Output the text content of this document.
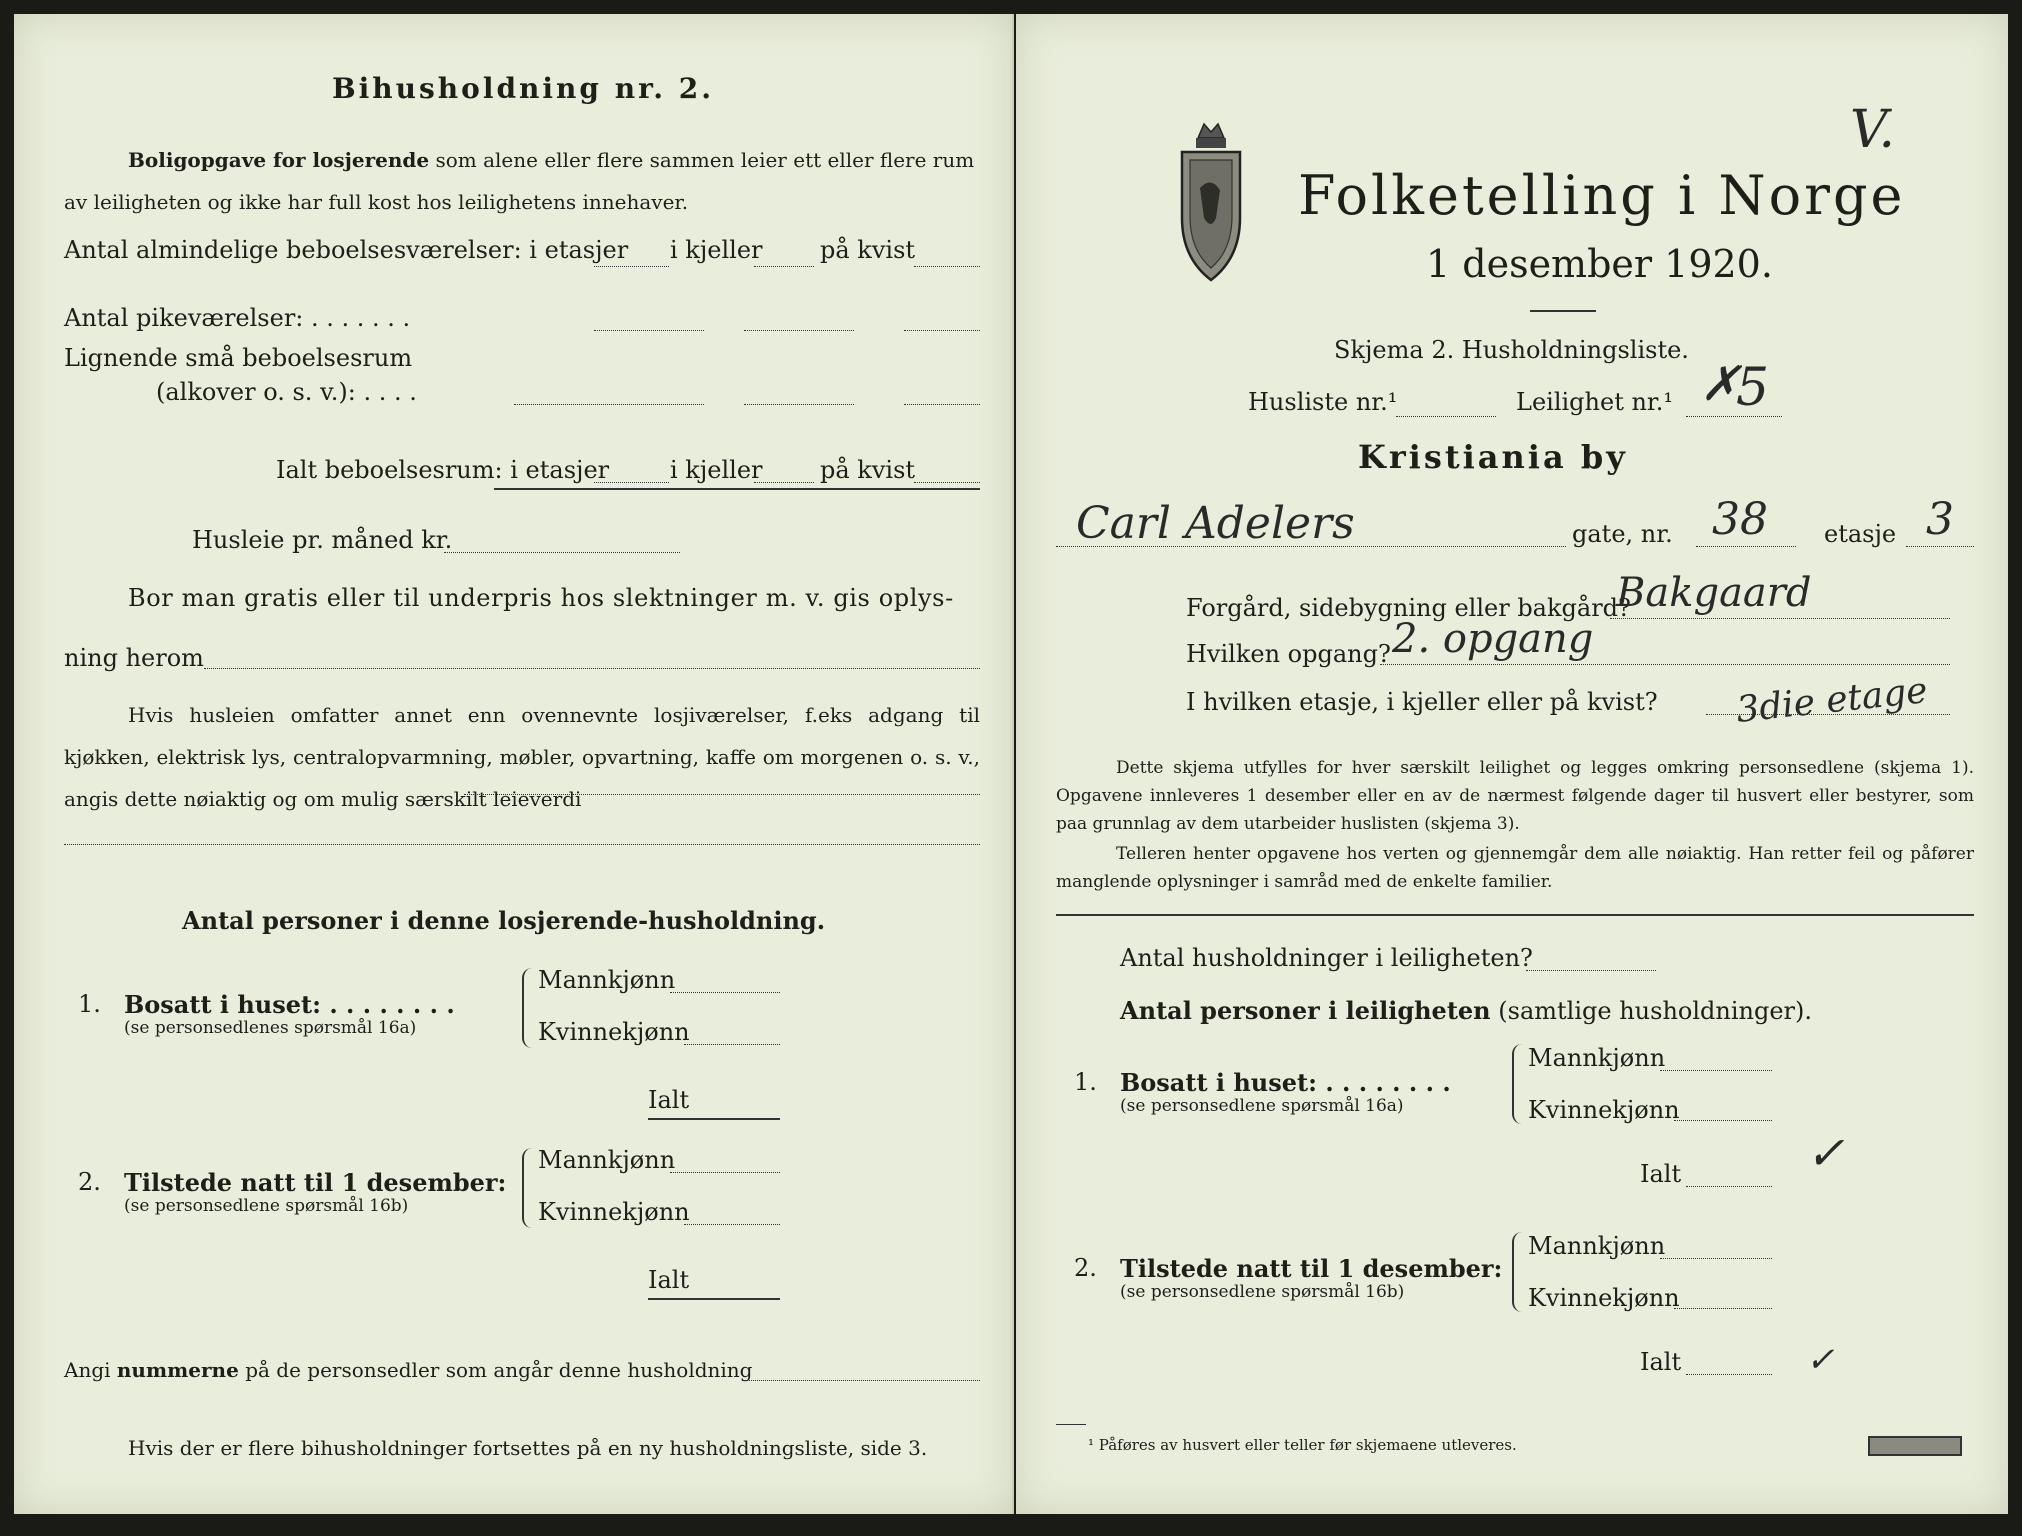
Bihusholdning nr. 2.
Boligopgave for losjerende som alene eller flere sammen leier ett eller flere rum
av leiligheten og ikke har full kost hos leilighetens innehaver.
Antal almindelige beboelsesværelser: i etasjer i kjeller på kvist
Antal pikeværelser: . . . . . . .
Lignende små beboelsesrum
(alkover o. s. v.): . . . .
Ialt beboelsesrum: i etasjer	i kjeller på kvist
Husleie pr. måned kr.
Bor man gratis eller til underpris hos slektninger m. v. gis oplys-
ning herom
Hvis husleien omfatter annet enn ovennevnte losjiværelser, f.eks adgang til kjøkken, elektrisk lys, centralopvarmning, møbler, opvartning, kaffe om morgenen o. s. v., angis dette nøiaktig og om mulig særskilt leieverdi
Antal personer i denne losjerende-husholdning.
1. Bosatt i huset: . . . . . . . .
(se personsedlenes spørsmål 16a)
Mannkjønn
Kvinnekjønn
Ialt
2. Tilstede natt til 1 desember:
(se personsedlene spørsmål 16b)
Mannkjønn
Kvinnekjønn
Ialt
Angi nummerne på de personsedler som angår denne husholdning
Hvis der er flere bihusholdninger fortsettes på en ny husholdningsliste, side 3.
Folketelling i Norge
1 desember 1920.
Skjema 2. Husholdningsliste.
Husliste nr.¹	Leilighet nr.¹ ✗
5
Kristiania by
Carl Adelers	gate, nr. 38 etasje 3
Forgård, sidebygning eller bakgård?
Bakgaard
Hvilken opgang? 2. opgang
I hvilken etasje, i kjeller eller på kvist? 3die etage
Dette skjema utfylles for hver særskilt leilighet og legges omkring personsedlene (skjema 1). Opgavene innleveres 1 desember eller en av de nærmest følgende dager til husvert eller bestyrer, som paa grunnlag av dem utarbeider huslisten (skjema 3).
Telleren henter opgavene hos verten og gjennemgår dem alle nøiaktig. Han retter feil og påfører manglende oplysninger i samråd med de enkelte familier.
Antal husholdninger i leiligheten?
Antal personer i leiligheten (samtlige husholdninger).
1. Bosatt i huset: . . . . . . . .
(se personsedlene spørsmål 16a)
Mannkjønn
Kvinnekjønn
Ialt	✓
2. Tilstede natt til 1 desember:
(se personsedlene spørsmål 16b)
Mannkjønn
Kvinnekjønn
Ialt	✓
V.
¹ Påføres av husvert eller teller før skjemaene utleveres.
